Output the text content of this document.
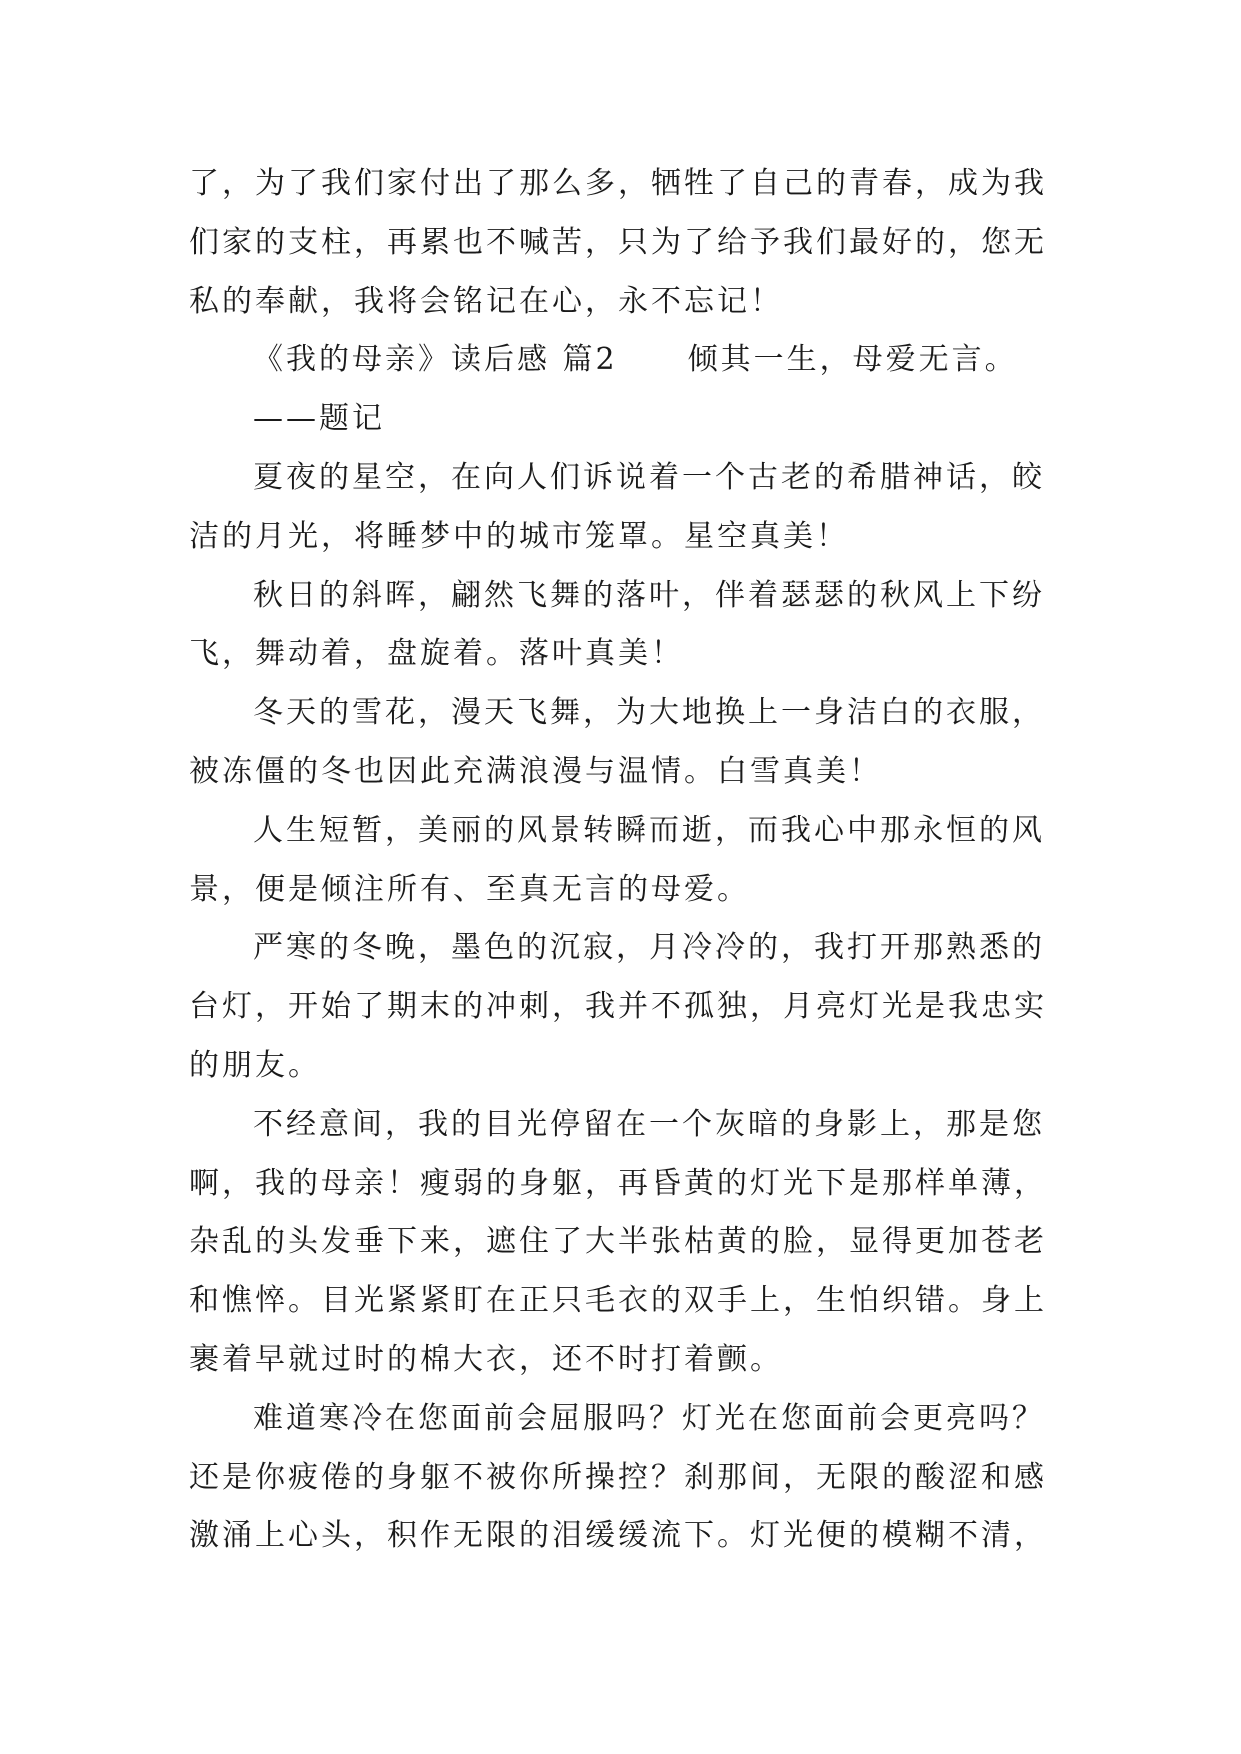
了，为了我们家付出了那么多，牺牲了自己的青春，成为我
们家的支柱，再累也不喊苦，只为了给予我们最好的，您无
私的奉献，我将会铭记在心，永不忘记！
《我的母亲》读后感 篇2 倾其一生，母爱无言。
——题记
夏夜的星空，在向人们诉说着一个古老的希腊神话，皎
洁的月光，将睡梦中的城市笼罩。星空真美！
秋日的斜晖，翩然飞舞的落叶，伴着瑟瑟的秋风上下纷
飞，舞动着，盘旋着。落叶真美！
冬天的雪花，漫天飞舞，为大地换上一身洁白的衣服，
被冻僵的冬也因此充满浪漫与温情。白雪真美！
人生短暂，美丽的风景转瞬而逝，而我心中那永恒的风
景，便是倾注所有、至真无言的母爱。
严寒的冬晚，墨色的沉寂，月冷冷的，我打开那熟悉的
台灯，开始了期末的冲刺，我并不孤独，月亮灯光是我忠实
的朋友。
不经意间，我的目光停留在一个灰暗的身影上，那是您
啊，我的母亲！瘦弱的身躯，再昏黄的灯光下是那样单薄，
杂乱的头发垂下来，遮住了大半张枯黄的脸，显得更加苍老
和憔悴。目光紧紧盯在正只毛衣的双手上，生怕织错。身上
裹着早就过时的棉大衣，还不时打着颤。
难道寒冷在您面前会屈服吗？灯光在您面前会更亮吗？
还是你疲倦的身躯不被你所操控？刹那间，无限的酸涩和感
激涌上心头，积作无限的泪缓缓流下。灯光便的模糊不清，
